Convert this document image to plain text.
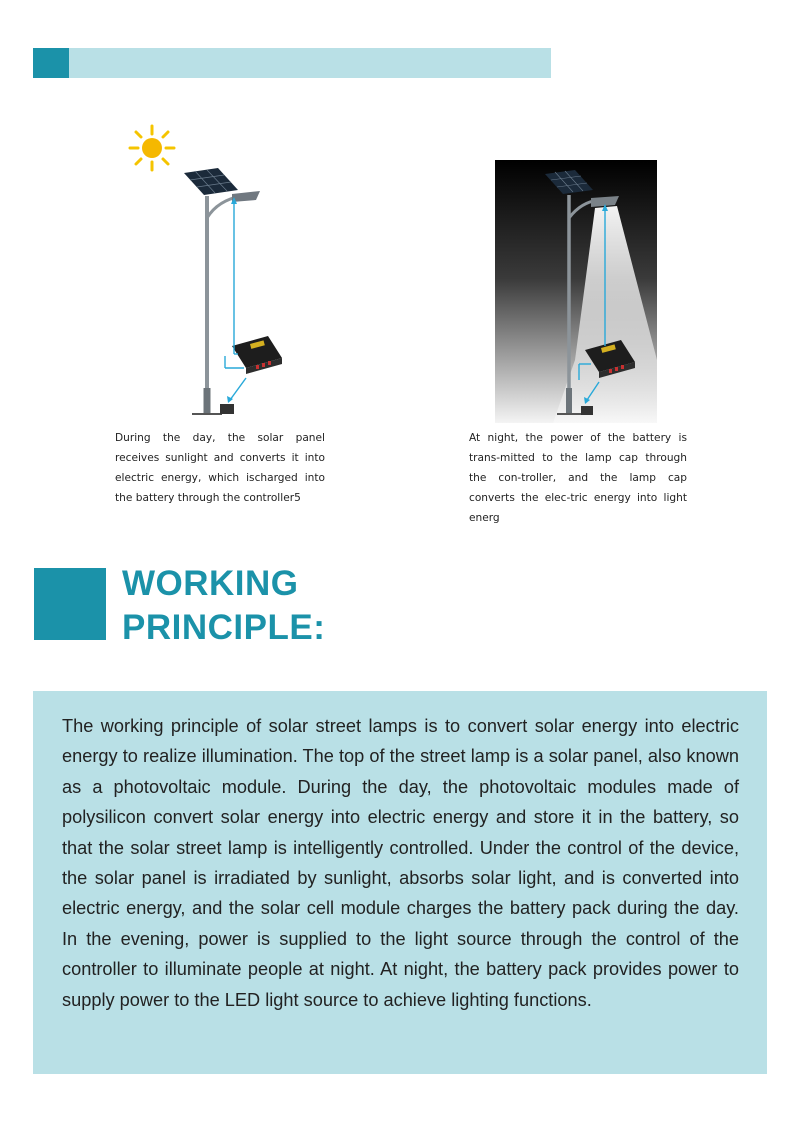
During the day, the solar panel receives sunlight and converts it into electric energy, which ischarged into the battery through the controller5

At night, the power of the battery is trans-mitted to the lamp cap through the con-troller, and the lamp cap converts the elec-tric energy into light energ

WORKING
PRINCIPLE:

The working principle of solar street lamps is to convert solar energy into electric energy to realize illumination. The top of the street lamp is a solar panel, also known as a photovoltaic module. During the day, the photovoltaic modules made of polysilicon convert solar energy into electric energy and store it in the battery, so that the solar street lamp is intelligently controlled. Under the control of the device, the solar panel is irradiated by sunlight, absorbs solar light, and is converted into electric energy, and the solar cell module charges the battery pack during the day. In the evening, power is supplied to the light source through the control of the controller to illuminate people at night. At night, the battery pack provides power to supply power to the LED light source to achieve lighting functions.
